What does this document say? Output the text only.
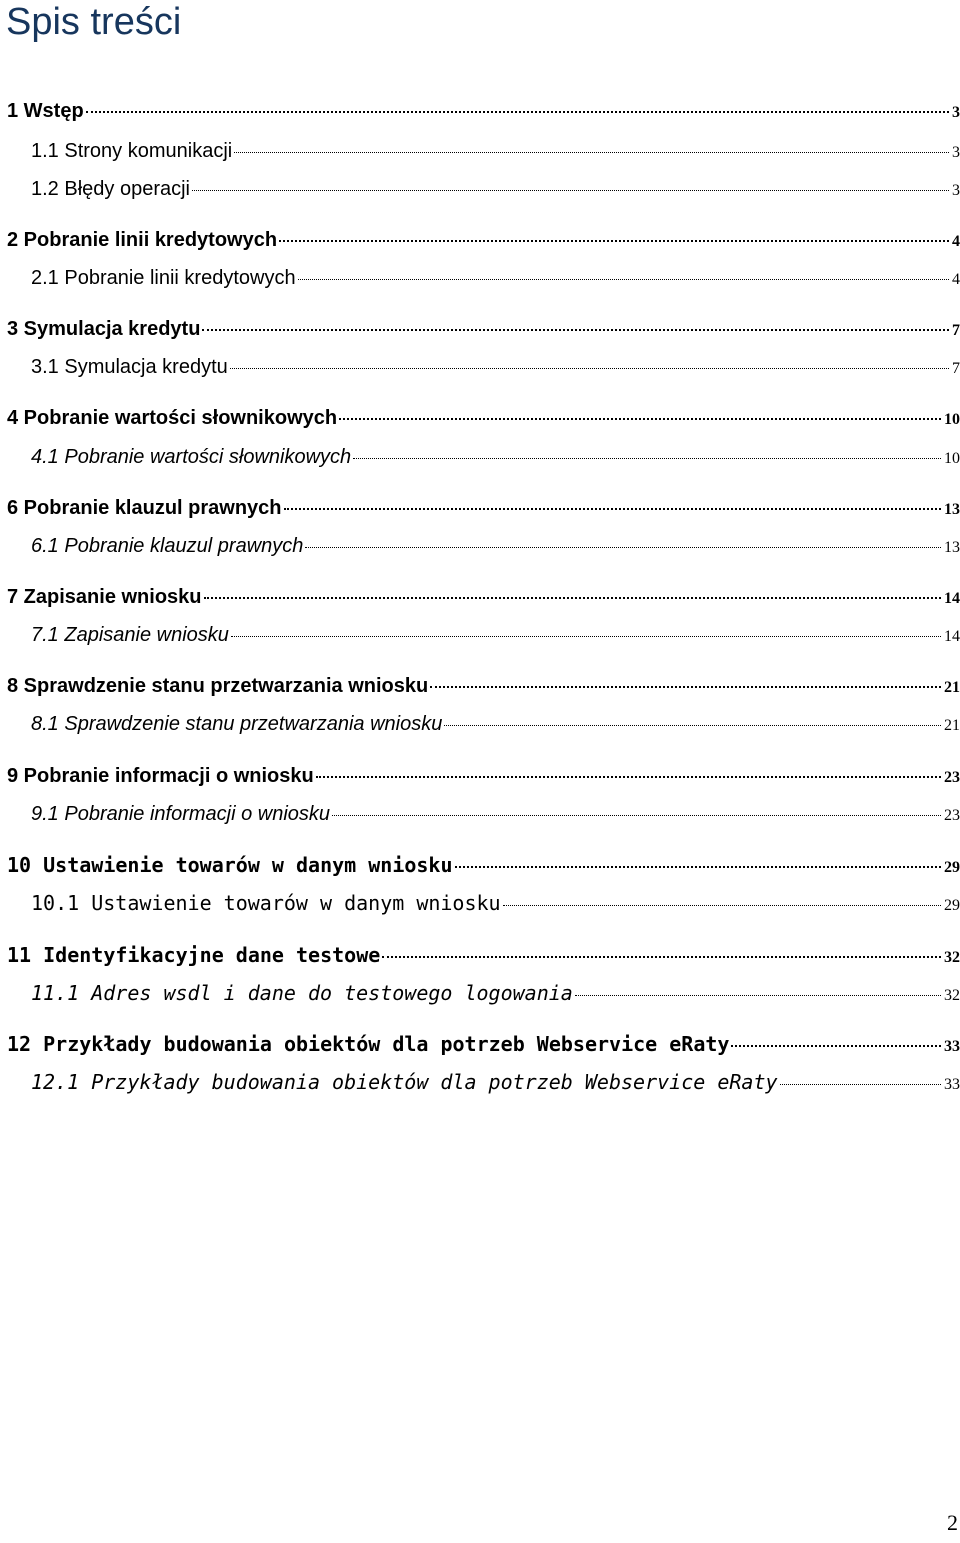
Spis treści
1 Wstęp	3
1.1 Strony komunikacji	3
1.2 Błędy operacji	3
2 Pobranie linii kredytowych	4
2.1 Pobranie linii kredytowych	4
3 Symulacja kredytu	7
3.1 Symulacja kredytu	7
4 Pobranie wartości słownikowych	10
4.1 Pobranie wartości słownikowych	10
6 Pobranie klauzul prawnych	13
6.1 Pobranie klauzul prawnych	13
7 Zapisanie wniosku	14
7.1 Zapisanie wniosku	14
8 Sprawdzenie stanu przetwarzania wniosku	21
8.1 Sprawdzenie stanu przetwarzania wniosku	21
9 Pobranie informacji o wniosku	23
9.1 Pobranie informacji o wniosku	23
10 Ustawienie towarów w danym wniosku	29
10.1 Ustawienie towarów w danym wniosku	29
11 Identyfikacyjne dane testowe	32
11.1 Adres wsdl i dane do testowego logowania	32
12 Przykłady budowania obiektów dla potrzeb Webservice eRaty	33
12.1 Przykłady budowania obiektów dla potrzeb Webservice eRaty	33
2
